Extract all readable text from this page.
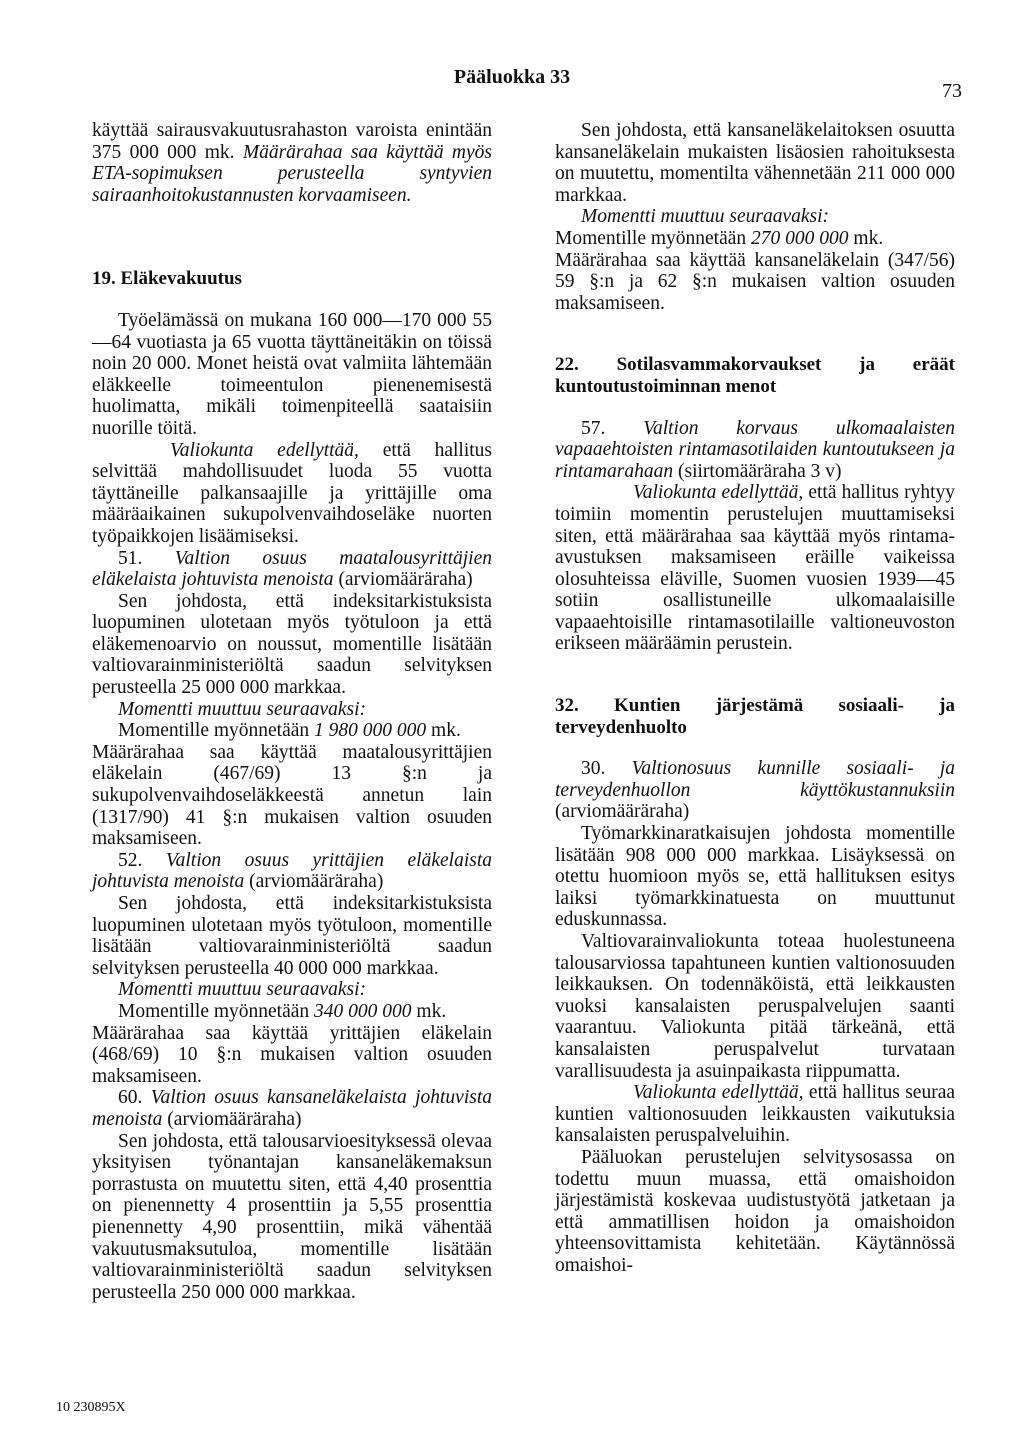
Pääluokka 33
73

käyttää sairausvakuutusrahaston varoista enintään 375 000 000 mk. Määrärahaa saa käyttää myös ETA-sopimuksen perusteella syntyvien sairaanhoitokustannusten korvaamiseen.

19. Eläkevakuutus

Työelämässä on mukana 160 000—170 000 55—64 vuotiasta ja 65 vuotta täyttäneitäkin on töissä noin 20 000. Monet heistä ovat valmiita lähtemään eläkkeelle toimeentulon pienenemisestä huolimatta, mikäli toimenpiteellä saataisiin nuorille töitä.

Valiokunta edellyttää, että hallitus selvittää mahdollisuudet luoda 55 vuotta täyttäneille palkansaajille ja yrittäjille oma määräaikainen sukupolvenvaihdoseläke nuorten työpaikkojen lisäämiseksi.

51. Valtion osuus maatalousyrittäjien eläkelaista johtuvista menoista (arviomääräraha)

Sen johdosta, että indeksitarkistuksista luopuminen ulotetaan myös työtuloon ja että eläkemenoarvio on noussut, momentille lisätään valtiovarainministeriöltä saadun selvityksen perusteella 25 000 000 markkaa.

Momentti muuttuu seuraavaksi:

Momentille myönnetään 1 980 000 000 mk.

Määrärahaa saa käyttää maatalousyrittäjien eläkelain (467/69) 13 §:n ja sukupolvenvaihdoseläkkeestä annetun lain (1317/90) 41 §:n mukaisen valtion osuuden maksamiseen.

52. Valtion osuus yrittäjien eläkelaista johtuvista menoista (arviomääräraha)

Sen johdosta, että indeksitarkistuksista luopuminen ulotetaan myös työtuloon, momentille lisätään valtiovarainministeriöltä saadun selvityksen perusteella 40 000 000 markkaa.

Momentti muuttuu seuraavaksi:

Momentille myönnetään 340 000 000 mk.

Määrärahaa saa käyttää yrittäjien eläkelain (468/69) 10 §:n mukaisen valtion osuuden maksamiseen.

60. Valtion osuus kansaneläkelaista johtuvista menoista (arviomääräraha)

Sen johdosta, että talousarvioesityksessä olevaa yksityisen työnantajan kansaneläkemaksun porrastusta on muutettu siten, että 4,40 prosenttia on pienennetty 4 prosenttiin ja 5,55 prosenttia pienennetty 4,90 prosenttiin, mikä vähentää vakuutusmaksutuloa, momentille lisätään valtiovarainministeriöltä saadun selvityksen perusteella 250 000 000 markkaa.

Sen johdosta, että kansaneläkelaitoksen osuutta kansaneläkelain mukaisten lisäosien rahoituksesta on muutettu, momentilta vähennetään 211 000 000 markkaa.

Momentti muuttuu seuraavaksi:

Momentille myönnetään 270 000 000 mk.

Määrärahaa saa käyttää kansaneläkelain (347/56) 59 §:n ja 62 §:n mukaisen valtion osuuden maksamiseen.

22. Sotilasvammakorvaukset ja eräät kuntoutustoiminnan menot

57. Valtion korvaus ulkomaalaisten vapaaehtoisten rintamasotilaiden kuntoutukseen ja rintamarahaan (siirtomääräraha 3 v)

Valiokunta edellyttää, että hallitus ryhtyy toimiin momentin perustelujen muuttamiseksi siten, että määrärahaa saa käyttää myös rintama-avustuksen maksamiseen eräille vaikeissa olosuhteissa eläville, Suomen vuosien 1939—45 sotiin osallistuneille ulkomaalaisille vapaaehtoisille rintamasotilaille valtioneuvoston erikseen määräämin perustein.

32. Kuntien järjestämä sosiaali- ja terveydenhuolto

30. Valtionosuus kunnille sosiaali- ja terveydenhuollon käyttökustannuksiin (arviomääräraha)

Työmarkkinaratkaisujen johdosta momentille lisätään 908 000 000 markkaa. Lisäyksessä on otettu huomioon myös se, että hallituksen esitys laiksi työmarkkinatuesta on muuttunut eduskunnassa.

Valtiovarainvaliokunta toteaa huolestuneena talousarviossa tapahtuneen kuntien valtionosuuden leikkauksen. On todennäköistä, että leikkausten vuoksi kansalaisten peruspalvelujen saanti vaarantuu. Valiokunta pitää tärkeänä, että kansalaisten peruspalvelut turvataan varallisuudesta ja asuinpaikasta riippumatta.

Valiokunta edellyttää, että hallitus seuraa kuntien valtionosuuden leikkausten vaikutuksia kansalaisten peruspalveluihin.

Pääluokan perustelujen selvitysosassa on todettu muun muassa, että omaishoidon järjestämistä koskevaa uudistustyötä jatketaan ja että ammatillisen hoidon ja omaishoidon yhteensovittamista kehitetään. Käytännössä omaishoi-

10 230895X
